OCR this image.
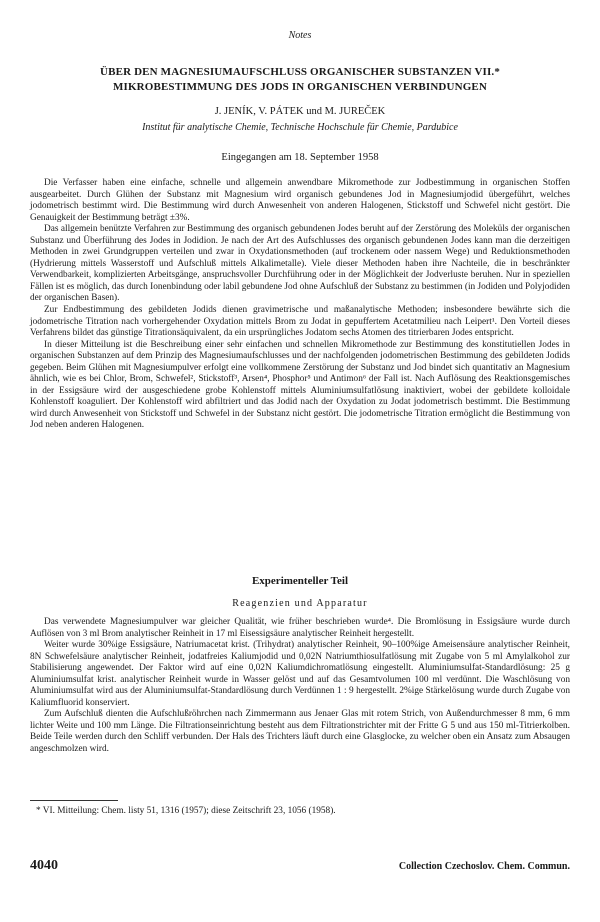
Notes
ÜBER DEN MAGNESIUMAUFSCHLUSS ORGANISCHER SUBSTANZEN VII.*
MIKROBESTIMMUNG DES JODS IN ORGANISCHEN VERBINDUNGEN
J. JENÍK, V. PÁTEK und M. JUREČEK
Institut für analytische Chemie, Technische Hochschule für Chemie, Pardubice
Eingegangen am 18. September 1958

Die Verfasser haben eine einfache, schnelle und allgemein anwendbare Mikromethode zur Jodbestimmung in organischen Stoffen ausgearbeitet. Durch Glühen der Substanz mit Magnesium wird organisch gebundenes Jod in Magnesiumjodid übergeführt, welches jodometrisch bestimmt wird. Die Bestimmung wird durch Anwesenheit von anderen Halogenen, Stickstoff und Schwefel nicht gestört. Die Genauigkeit der Bestimmung beträgt ±3%.

Das allgemein benützte Verfahren zur Bestimmung des organisch gebundenen Jodes beruht auf der Zerstörung des Moleküls der organischen Substanz und Überführung des Jodes in Jodidion. Je nach der Art des Aufschlusses des organisch gebundenen Jodes kann man die derzeitigen Methoden in zwei Grundgruppen verteilen und zwar in Oxydationsmethoden (auf trockenem oder nassem Wege) und Reduktionsmethoden (Hydrierung mittels Wasserstoff und Aufschluß mittels Alkalimetalle). Viele dieser Methoden haben ihre Nachteile, die in beschränkter Verwendbarkeit, komplizierten Arbeitsgänge, anspruchsvoller Durchführung oder in der Möglichkeit der Jodverluste beruhen. Nur in speziellen Fällen ist es möglich, das durch Ionenbindung oder labil gebundene Jod ohne Aufschluß der Substanz zu bestimmen (in Jodiden und Polyjodiden der organischen Basen).

Zur Endbestimmung des gebildeten Jodids dienen gravimetrische und maßanalytische Methoden; insbesondere bewährte sich die jodometrische Titration nach vorhergehender Oxydation mittels Brom zu Jodat in gepuffertem Acetatmilieu nach Leipert¹. Den Vorteil dieses Verfahrens bildet das günstige Titrationsäquivalent, da ein ursprüngliches Jodatom sechs Atomen des titrierbaren Jodes entspricht.

In dieser Mitteilung ist die Beschreibung einer sehr einfachen und schnellen Mikromethode zur Bestimmung des konstitutiellen Jodes in organischen Substanzen auf dem Prinzip des Magnesiumaufschlusses und der nachfolgenden jodometrischen Bestimmung des gebildeten Jodids gegeben. Beim Glühen mit Magnesiumpulver erfolgt eine vollkommene Zerstörung der Substanz und Jod bindet sich quantitativ an Magnesium ähnlich, wie es bei Chlor, Brom, Schwefel², Stickstoff³, Arsen⁴, Phosphor⁵ und Antimon⁶ der Fall ist. Nach Auflösung des Reaktionsgemisches in der Essigsäure wird der ausgeschiedene grobe Kohlenstoff mittels Aluminiumsulfatlösung inaktiviert, wobei der gebildete kolloidale Kohlenstoff koaguliert. Der Kohlenstoff wird abfiltriert und das Jodid nach der Oxydation zu Jodat jodometrisch bestimmt. Die Bestimmung wird durch Anwesenheit von Stickstoff und Schwefel in der Substanz nicht gestört. Die jodometrische Titration ermöglicht die Bestimmung von Jod neben anderen Halogenen.

Experimenteller Teil
Reagenzien und Apparatur

Das verwendete Magnesiumpulver war gleicher Qualität, wie früher beschrieben wurde⁴. Die Bromlösung in Essigsäure wurde durch Auflösen von 3 ml Brom analytischer Reinheit in 17 ml Eisessigsäure analytischer Reinheit hergestellt.

Weiter wurde 30%ige Essigsäure, Natriumacetat krist. (Trihydrat) analytischer Reinheit, 90–100%ige Ameisensäure analytischer Reinheit, 8N Schwefelsäure analytischer Reinheit, jodatfreies Kaliumjodid und 0,02N Natriumthiosulfatlösung mit Zugabe von 5 ml Amylalkohol zur Stabilisierung angewendet. Der Faktor wird auf eine 0,02N Kaliumdichromatlösung eingestellt. Aluminiumsulfat-Standardlösung: 25 g Aluminiumsulfat krist. analytischer Reinheit wurde in Wasser gelöst und auf das Gesamtvolumen 100 ml verdünnt. Die Waschlösung von Aluminiumsulfat wird aus der Aluminiumsulfat-Standardlösung durch Verdünnen 1 : 9 hergestellt. 2%ige Stärkelösung wurde durch Zugabe von Kaliumfluorid konserviert.

Zum Aufschluß dienten die Aufschlußröhrchen nach Zimmermann aus Jenaer Glas mit rotem Strich, von Außendurchmesser 8 mm, 6 mm lichter Weite und 100 mm Länge. Die Filtrationseinrichtung besteht aus dem Filtrationstrichter mit der Fritte G 5 und aus 150 ml-Titrierkolben. Beide Teile werden durch den Schliff verbunden. Der Hals des Trichters läuft durch eine Glasglocke, zu welcher oben ein Ansatz zum Absaugen angeschmolzen wird.

* VI. Mitteilung: Chem. listy 51, 1316 (1957); diese Zeitschrift 23, 1056 (1958).
4040	Collection Czechoslov. Chem. Commun.
